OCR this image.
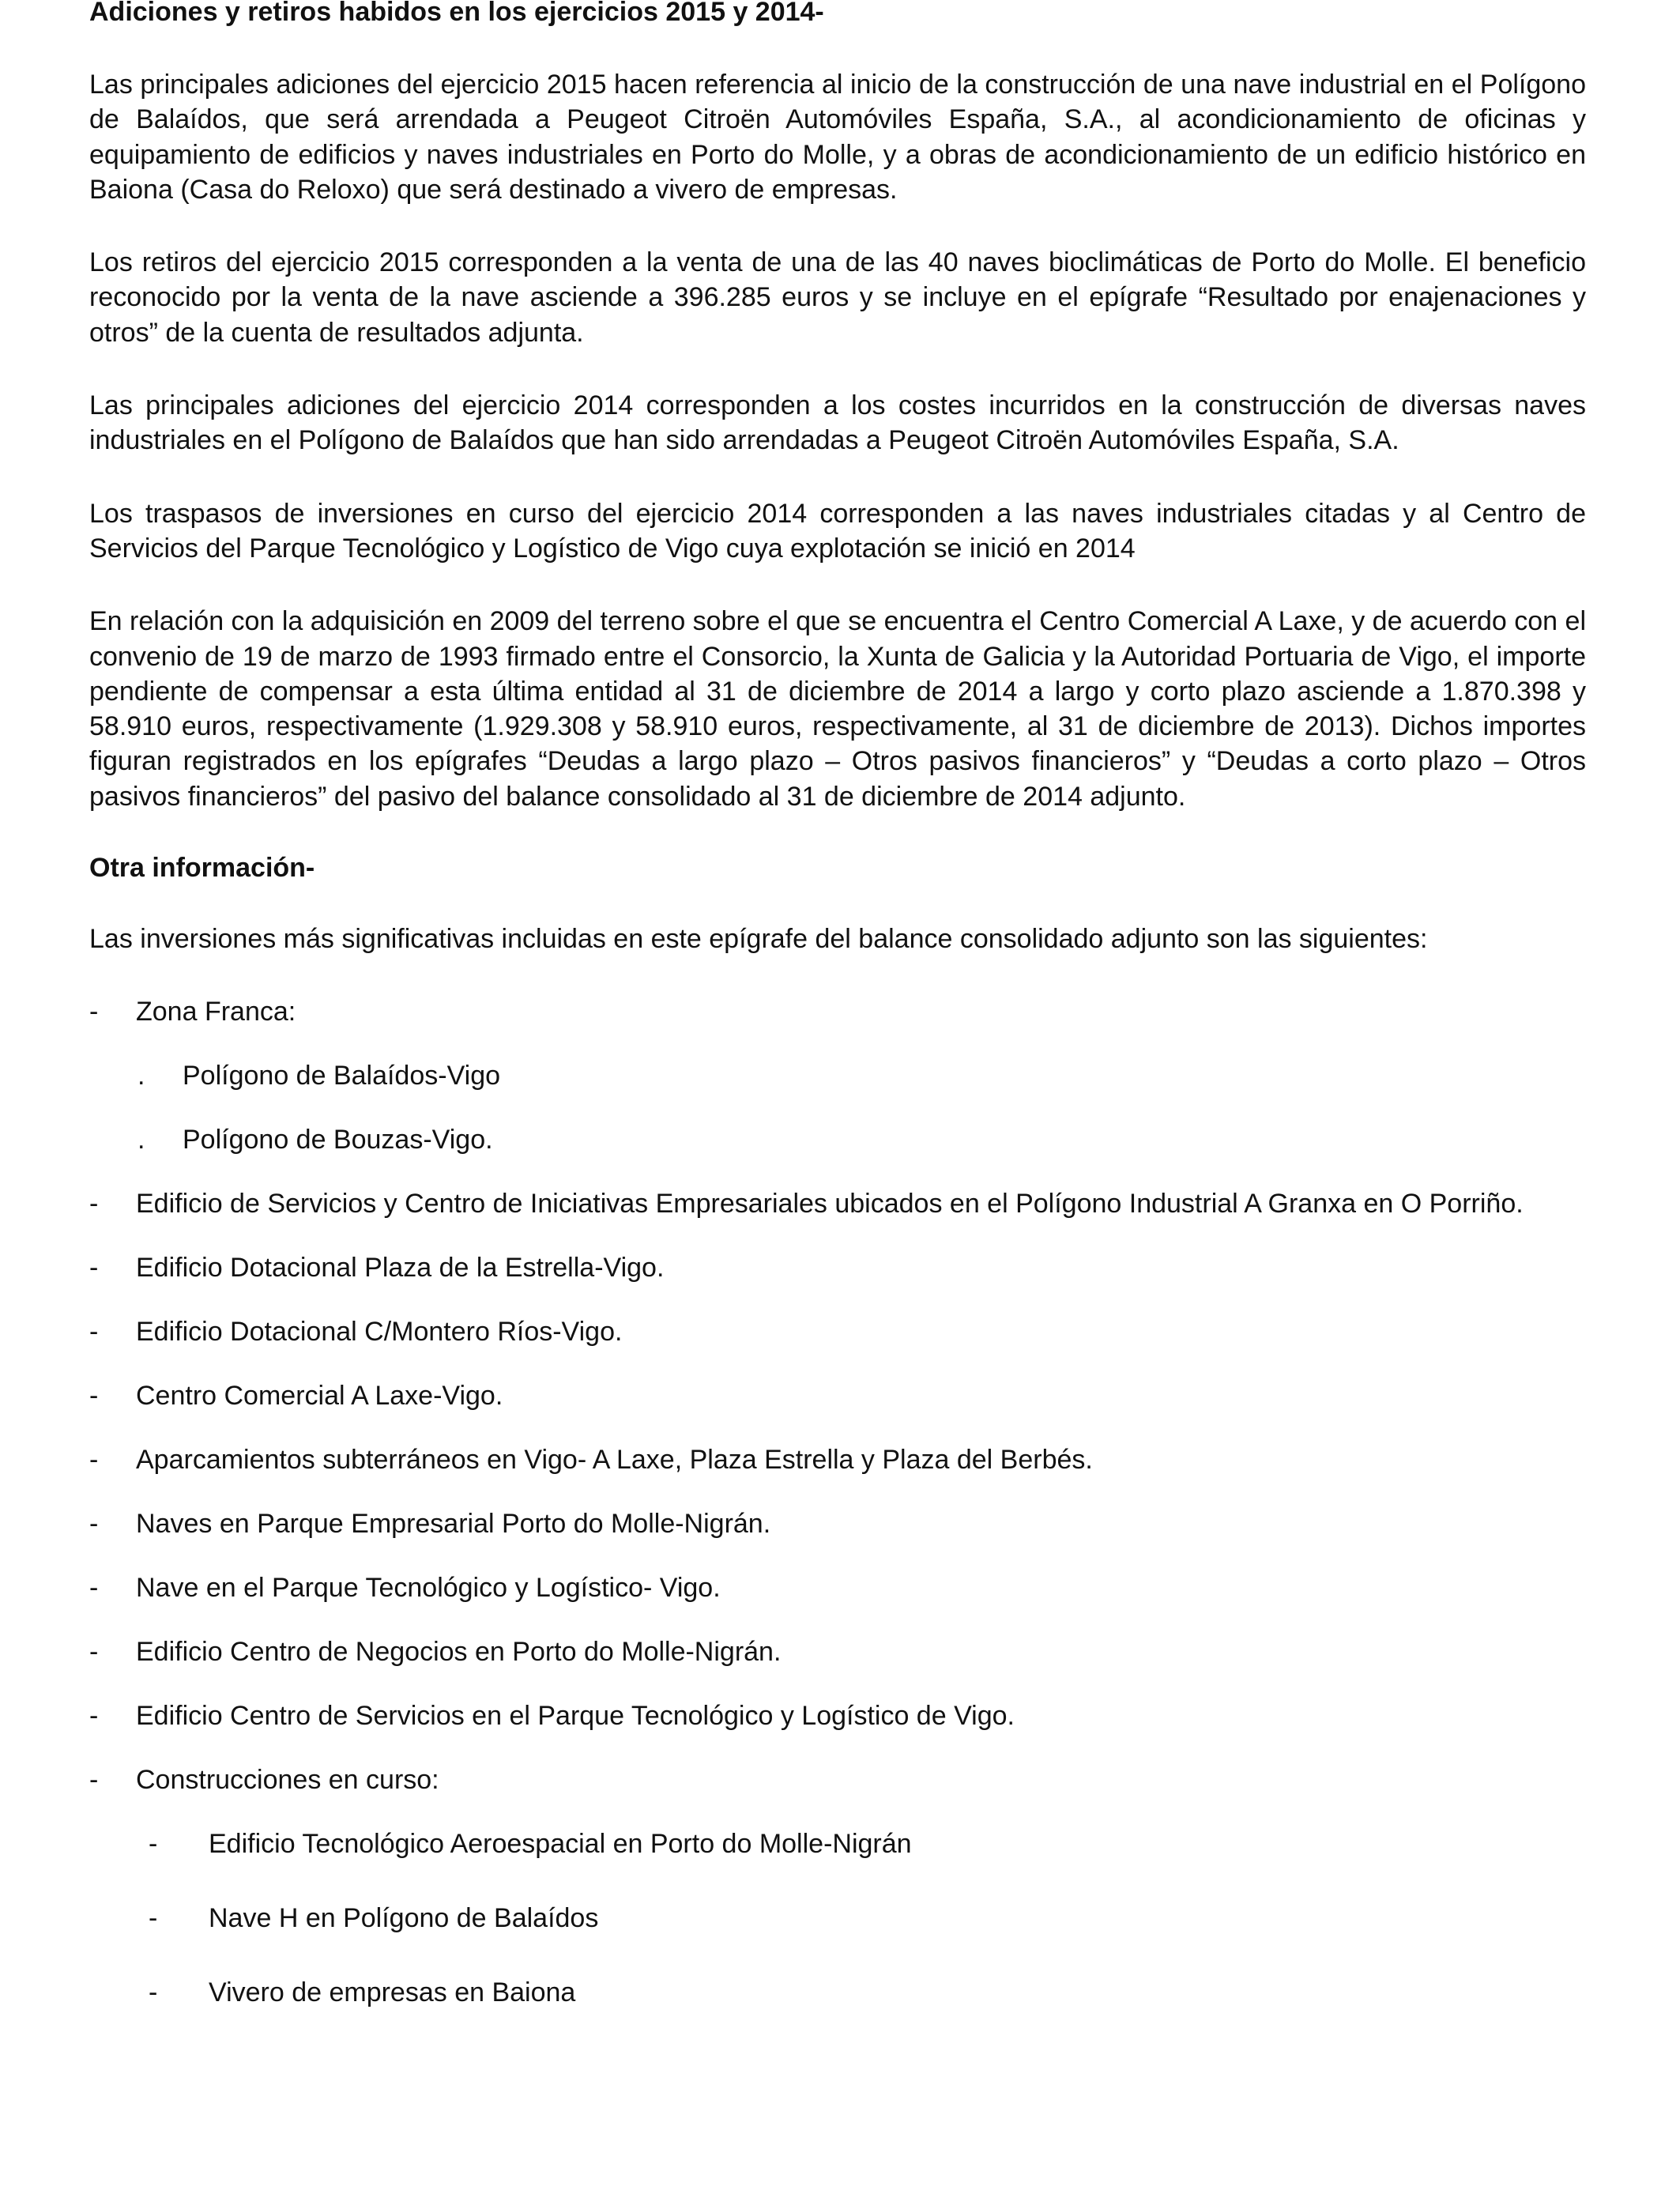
Adiciones y retiros habidos en los ejercicios 2015 y 2014-

Las principales adiciones del ejercicio 2015 hacen referencia al inicio de la construcción de una nave industrial en el Polígono de Balaídos, que será arrendada a Peugeot Citroën Automóviles España, S.A., al acondicionamiento de oficinas y equipamiento de edificios y naves industriales en Porto do Molle, y a obras de acondicionamiento de un edificio histórico en Baiona (Casa do Reloxo) que será destinado a vivero de empresas.

Los retiros del ejercicio 2015 corresponden a la venta de una de las 40 naves bioclimáticas de Porto do Molle. El beneficio reconocido por la venta de la nave asciende a 396.285 euros y se incluye en el epígrafe “Resultado por enajenaciones y otros” de la cuenta de resultados adjunta.

Las principales adiciones del ejercicio 2014 corresponden a los costes incurridos en la construcción de diversas naves industriales en el Polígono de Balaídos que han sido arrendadas a Peugeot Citroën Automóviles España, S.A.

Los traspasos de inversiones en curso del ejercicio 2014 corresponden a las naves industriales citadas y al Centro de Servicios del Parque Tecnológico y Logístico de Vigo cuya explotación se inició en 2014

En relación con la adquisición en 2009 del terreno sobre el que se encuentra el Centro Comercial A Laxe, y de acuerdo con el convenio de 19 de marzo de 1993 firmado entre el Consorcio, la Xunta de Galicia y la Autoridad Portuaria de Vigo, el importe pendiente de compensar a esta última entidad al 31 de diciembre de 2014 a largo y corto plazo asciende a 1.870.398 y 58.910 euros, respectivamente (1.929.308 y 58.910 euros, respectivamente, al 31 de diciembre de 2013). Dichos importes figuran registrados en los epígrafes “Deudas a largo plazo – Otros pasivos financieros” y “Deudas a corto plazo – Otros pasivos financieros” del pasivo del balance consolidado al 31 de diciembre de 2014 adjunto.

Otra información-

Las inversiones más significativas incluidas en este epígrafe del balance consolidado adjunto son las siguientes:

- Zona Franca:
. Polígono de Balaídos-Vigo
. Polígono de Bouzas-Vigo.
- Edificio de Servicios y Centro de Iniciativas Empresariales ubicados en el Polígono Industrial A Granxa en O Porriño.
- Edificio Dotacional Plaza de la Estrella-Vigo.
- Edificio Dotacional C/Montero Ríos-Vigo.
- Centro Comercial A Laxe-Vigo.
- Aparcamientos subterráneos en Vigo- A Laxe, Plaza Estrella y Plaza del Berbés.
- Naves en Parque Empresarial Porto do Molle-Nigrán.
- Nave en el Parque Tecnológico y Logístico- Vigo.
- Edificio Centro de Negocios en Porto do Molle-Nigrán.
- Edificio Centro de Servicios en el Parque Tecnológico y Logístico de Vigo.
- Construcciones en curso:
- Edificio Tecnológico Aeroespacial en Porto do Molle-Nigrán
- Nave H en Polígono de Balaídos
- Vivero de empresas en Baiona
